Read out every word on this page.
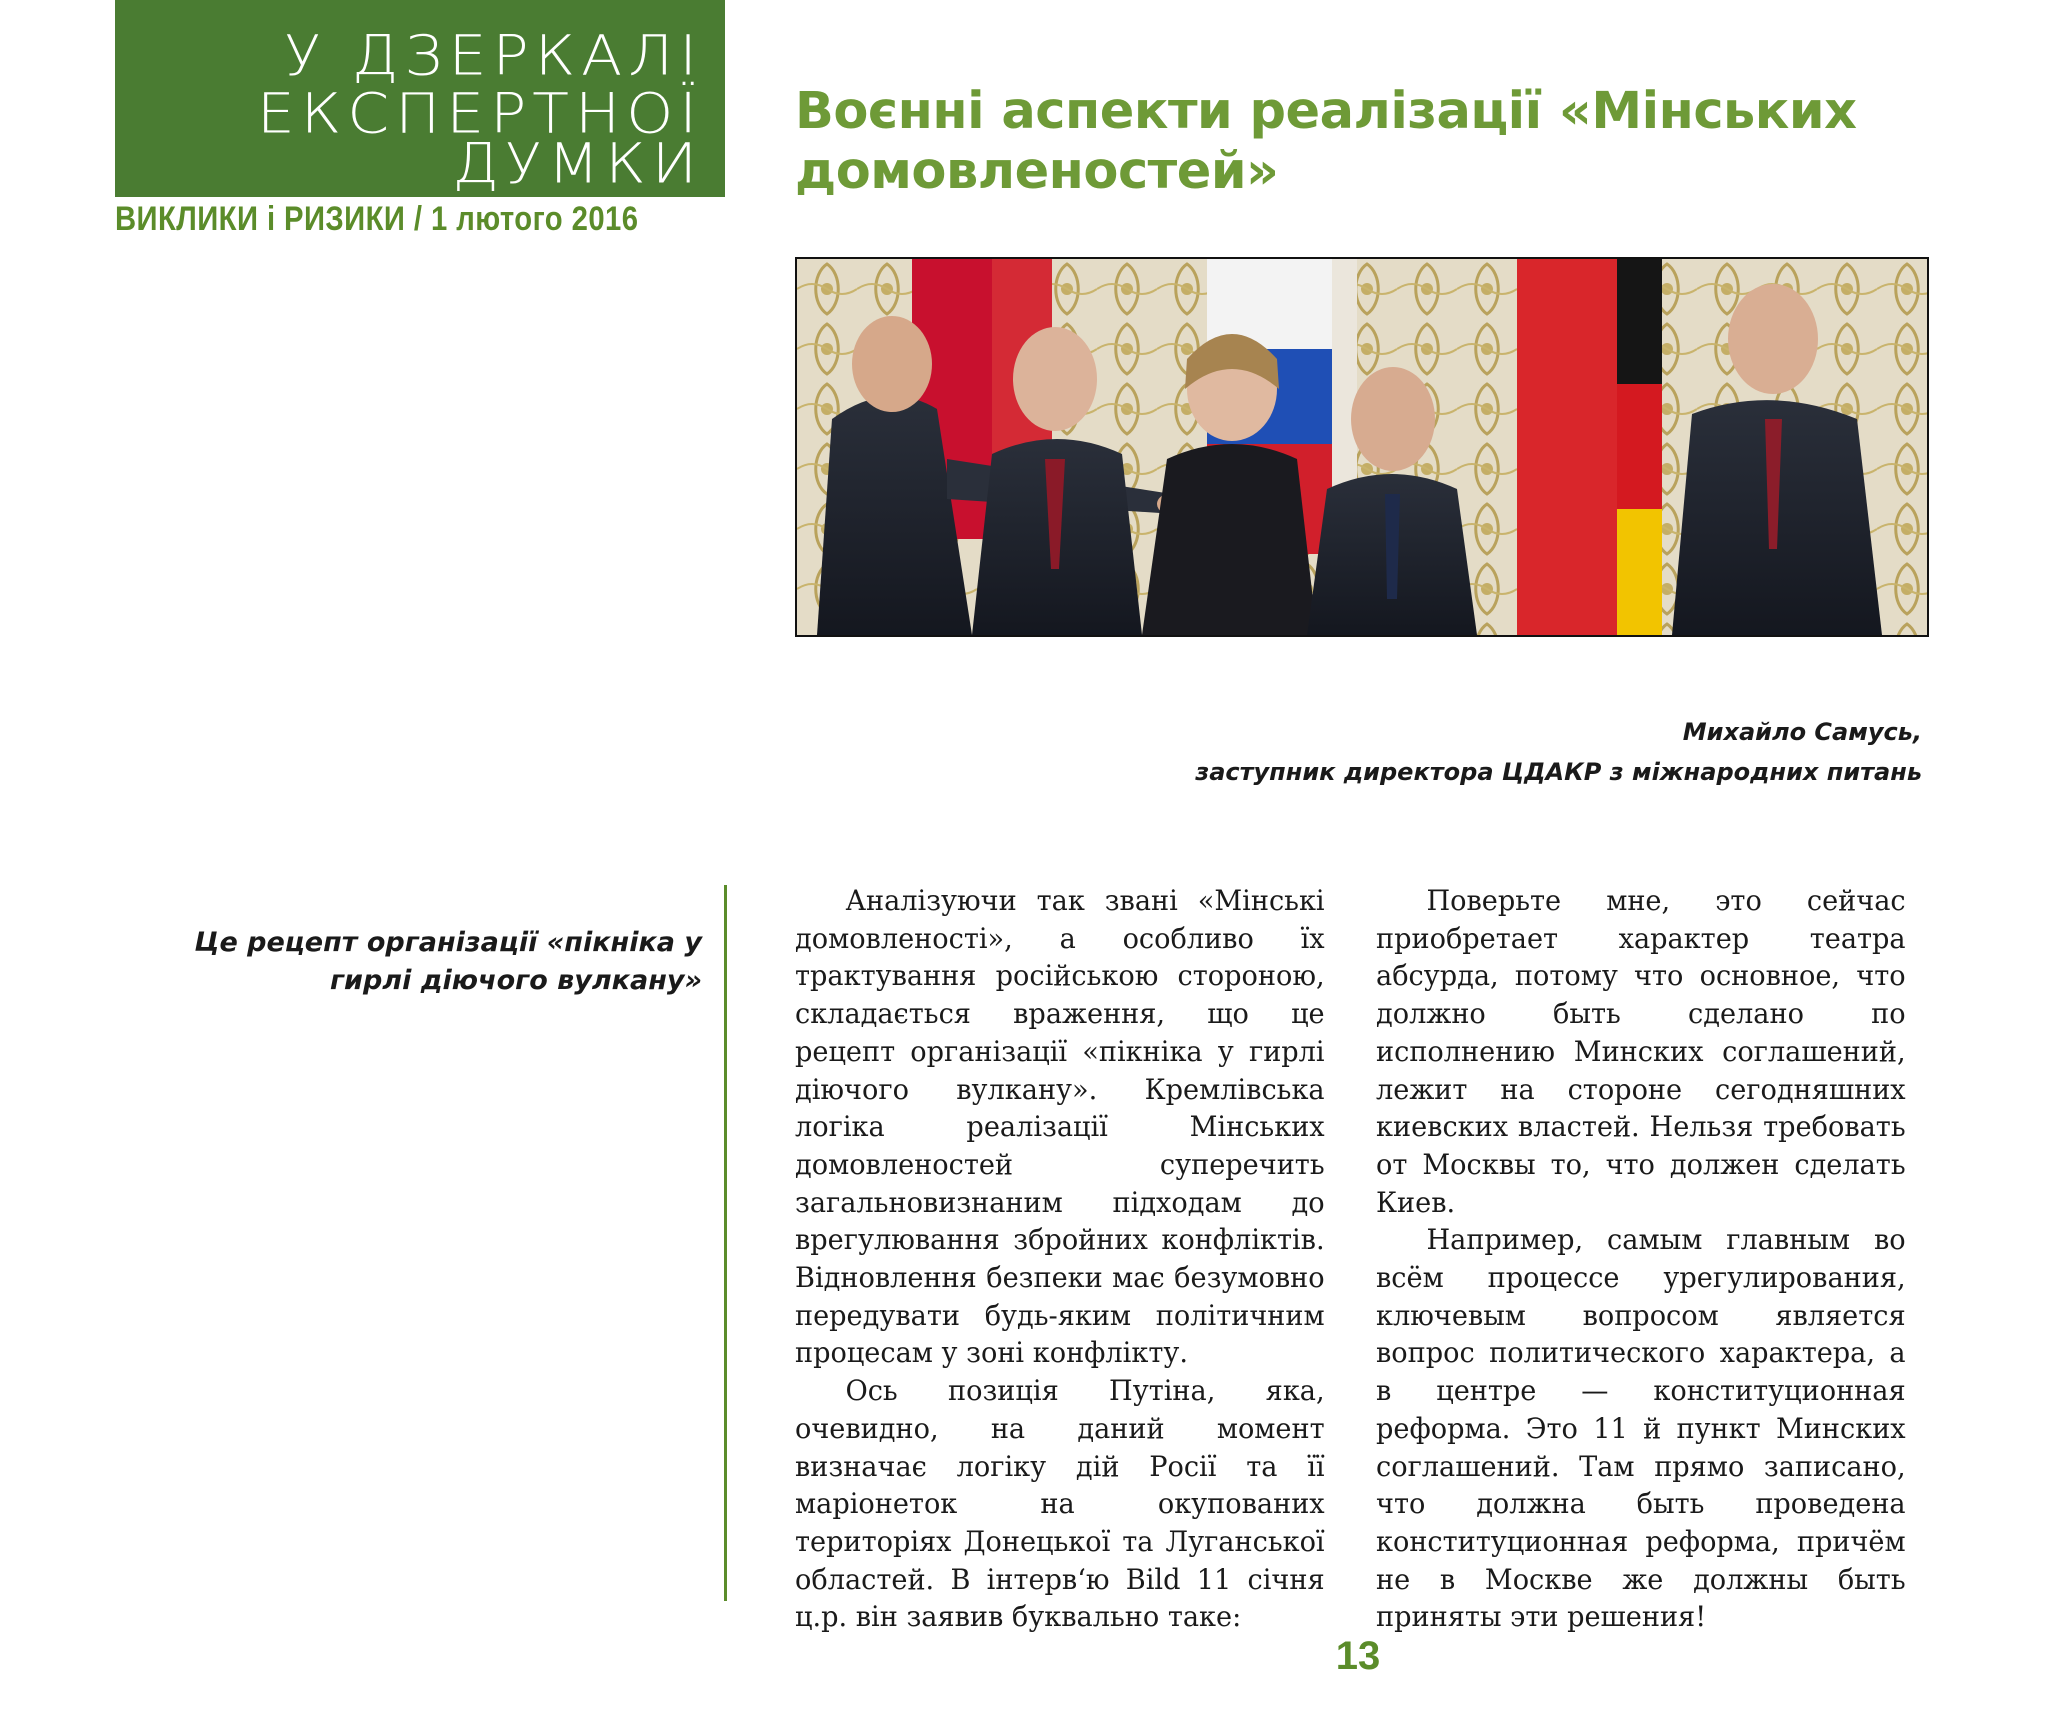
У ДЗЕРКАЛІ
ЕКСПЕРТНОЇ
ДУМКИ
ВИКЛИКИ і РИЗИКИ / 1 лютого 2016
Воєнні аспекти реалізації «Мінських домовленостей»
Михайло Самусь,
заступник директора ЦДАКР з міжнародних питань
Це рецепт організації «пікніка у гирлі діючого вулкану»

Аналізуючи так звані «Мінські домовленості», а особливо їх трактування російською стороною, складається враження, що це рецепт організації «пікніка у гирлі діючого вулкану». Кремлівська логіка реалізації Мінських домовленостей суперечить загальновизнаним підходам до врегулювання збройних конфліктів. Відновлення безпеки має безумовно передувати будь-яким політичним процесам у зоні конфлікту.

Ось позиція Путіна, яка, очевидно, на даний момент визначає логіку дій Росії та її маріонеток на окупованих територіях Донецької та Луганської областей. В інтерв‘ю Bild 11 січня ц.р. він заявив буквально таке:

Поверьте мне, это сейчас приобретает характер театра абсурда, потому что основное, что должно быть сделано по исполнению Минских соглашений, лежит на стороне сегодняшних киевских властей. Нельзя требовать от Москвы то, что должен сделать Киев.

Например, самым главным во всём процессе урегулирования, ключевым вопросом является вопрос политического характера, а в центре — конституционная реформа. Это 11 й пункт Минских соглашений. Там прямо записано, что должна быть проведена конституционная реформа, причём не в Москве же должны быть приняты эти решения!

13
